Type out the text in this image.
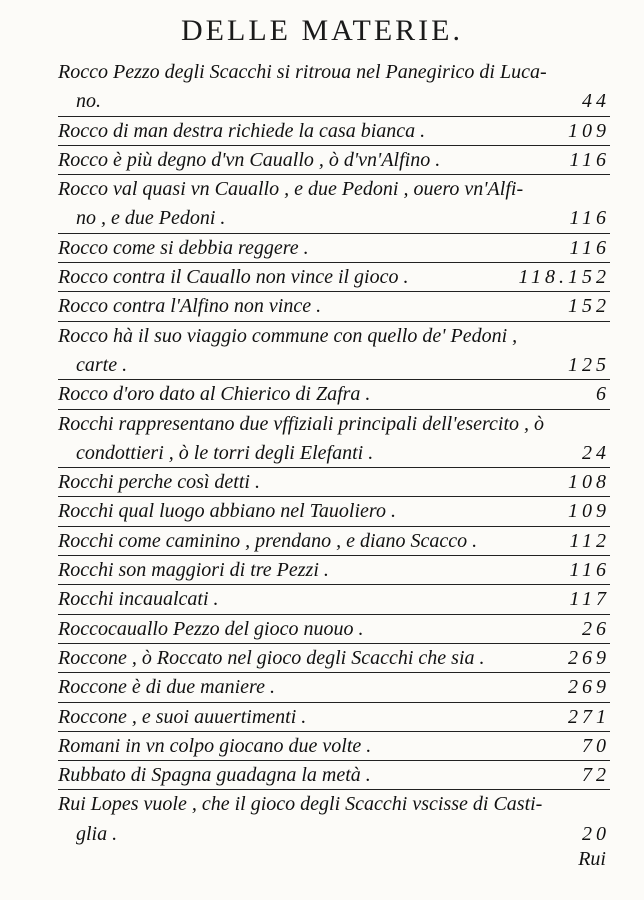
DELLE MATERIE.
Rocco Pezzo degli Scacchi si ritroua nel Panegirico di Luca-
no.	44
Rocco di man destra richiede la casa bianca .	109
Rocco è più degno d'vn Cauallo , ò d'vn'Alfino .	116
Rocco val quasi vn Cauallo , e due Pedoni , ouero vn'Alfi-
no , e due Pedoni .	116
Rocco come si debbia reggere .	116
Rocco contra il Cauallo non vince il gioco .	118.152
Rocco contra l'Alfino non vince .	152
Rocco hà il suo viaggio commune con quello de' Pedoni ,
carte .	125
Rocco d'oro dato al Chierico di Zafra .	6
Rocchi rappresentano due vffiziali principali dell'esercito , ò
condottieri , ò le torri degli Elefanti .	24
Rocchi perche così detti .	108
Rocchi qual luogo abbiano nel Tauoliero .	109
Rocchi come caminino , prendano , e diano Scacco .	112
Rocchi son maggiori di tre Pezzi .	116
Rocchi incaualcati .	117
Roccocauallo Pezzo del gioco nuouo .	26
Roccone , ò Roccato nel gioco degli Scacchi che sia .	269
Roccone è di due maniere .	269
Roccone , e suoi auuertimenti .	271
Romani in vn colpo giocano due volte .	70
Rubbato di Spagna guadagna la metà .	72
Rui Lopes vuole , che il gioco degli Scacchi vscisse di Casti-
glia .	20
Rui
